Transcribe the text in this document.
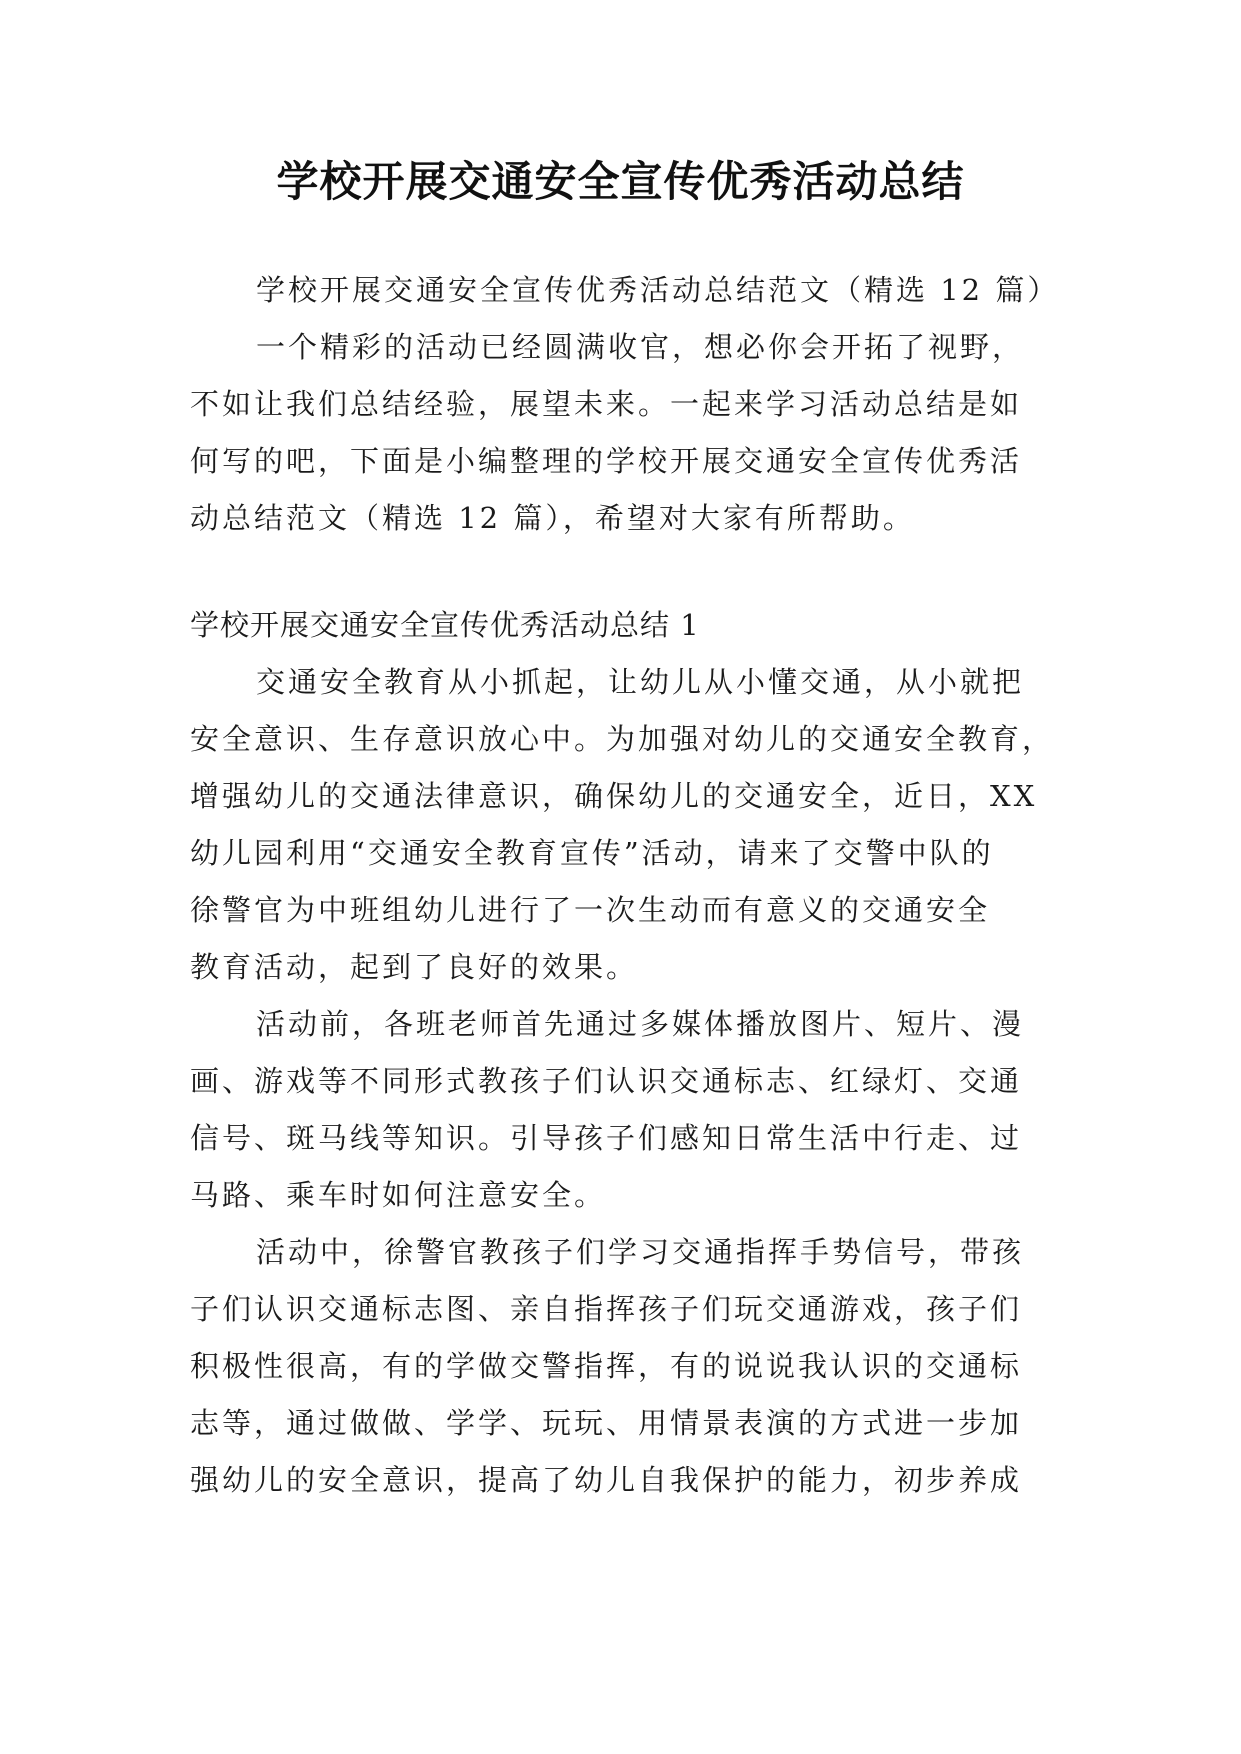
学校开展交通安全宣传优秀活动总结

学校开展交通安全宣传优秀活动总结范文（精选 12 篇）

一个精彩的活动已经圆满收官，想必你会开拓了视野，

不如让我们总结经验，展望未来。一起来学习活动总结是如

何写的吧，下面是小编整理的学校开展交通安全宣传优秀活

动总结范文（精选 12 篇），希望对大家有所帮助。

学校开展交通安全宣传优秀活动总结 1

交通安全教育从小抓起，让幼儿从小懂交通，从小就把

安全意识、生存意识放心中。为加强对幼儿的交通安全教育，

增强幼儿的交通法律意识，确保幼儿的交通安全，近日，XX

幼儿园利用“交通安全教育宣传”活动，请来了交警中队的

徐警官为中班组幼儿进行了一次生动而有意义的交通安全

教育活动，起到了良好的效果。

活动前，各班老师首先通过多媒体播放图片、短片、漫

画、游戏等不同形式教孩子们认识交通标志、红绿灯、交通

信号、斑马线等知识。引导孩子们感知日常生活中行走、过

马路、乘车时如何注意安全。

活动中，徐警官教孩子们学习交通指挥手势信号，带孩

子们认识交通标志图、亲自指挥孩子们玩交通游戏，孩子们

积极性很高，有的学做交警指挥，有的说说我认识的交通标

志等，通过做做、学学、玩玩、用情景表演的方式进一步加

强幼儿的安全意识，提高了幼儿自我保护的能力，初步养成
